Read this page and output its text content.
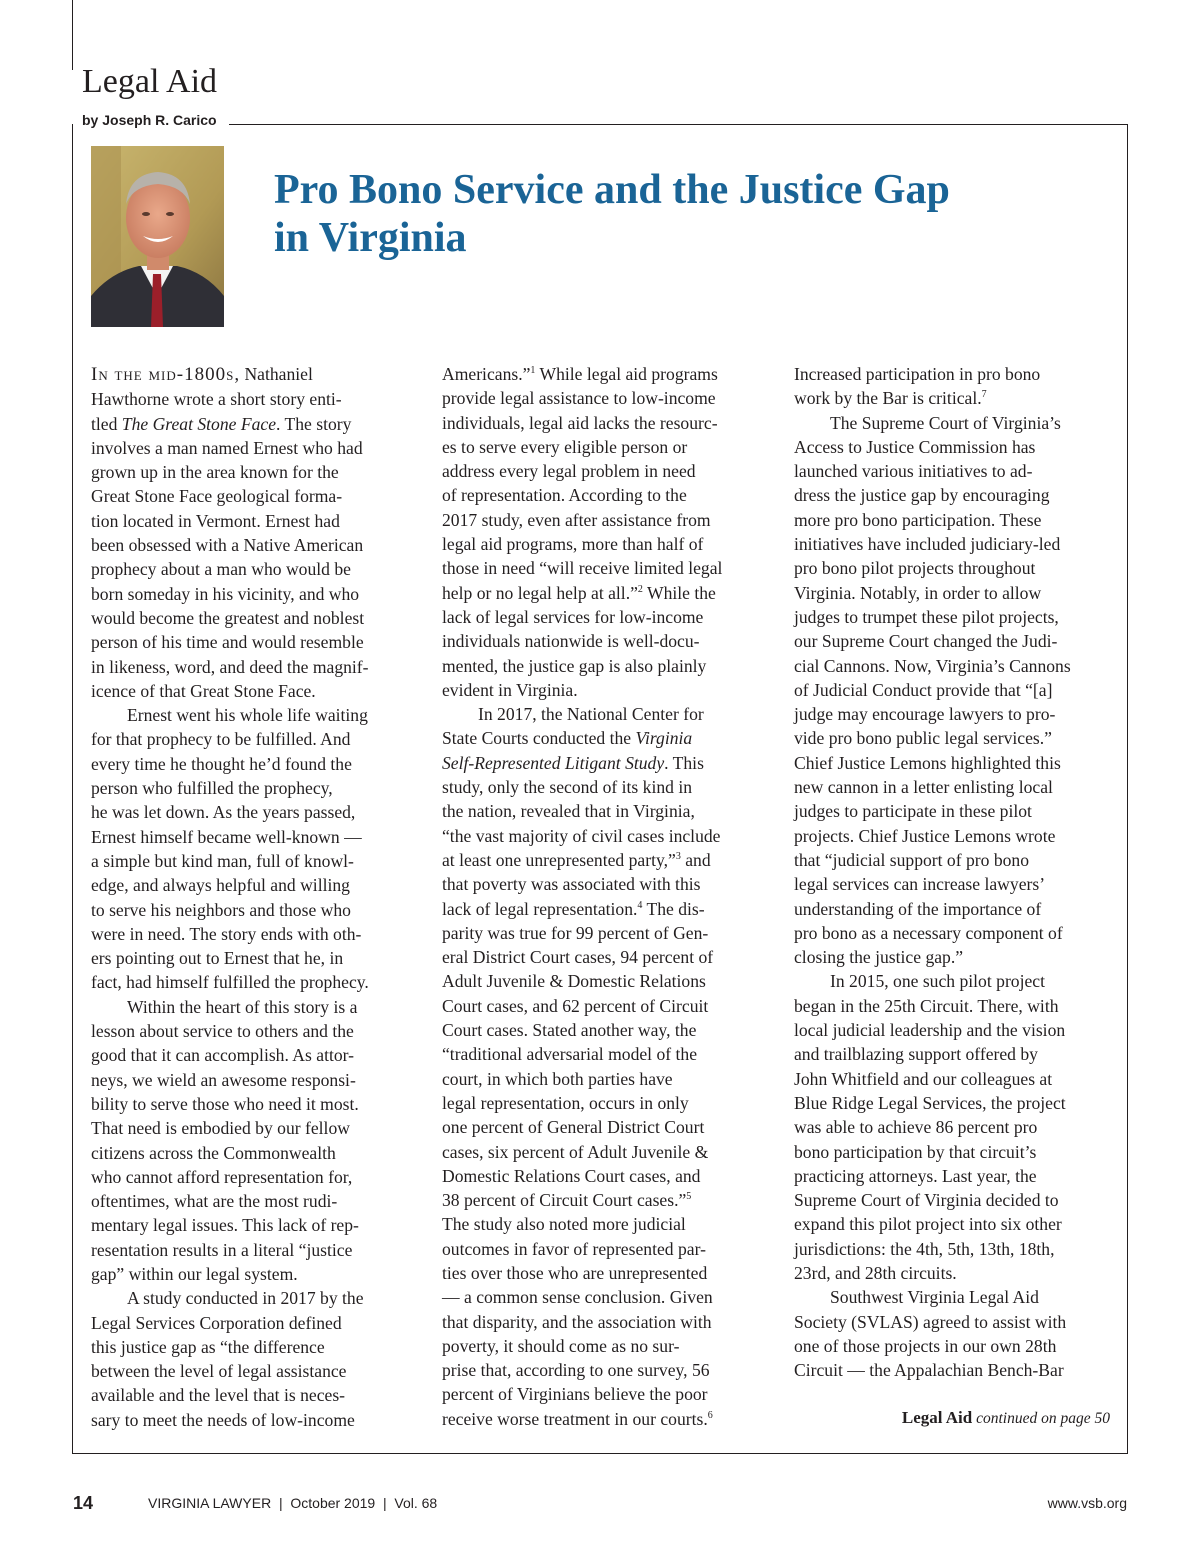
Legal Aid
by Joseph R. Carico
Pro Bono Service and the Justice Gap
in Virginia

In the mid-1800s, Nathaniel

Hawthorne wrote a short story enti-

tled The Great Stone Face. The story

involves a man named Ernest who had

grown up in the area known for the

Great Stone Face geological forma-

tion located in Vermont. Ernest had

been obsessed with a Native American

prophecy about a man who would be

born someday in his vicinity, and who

would become the greatest and noblest

person of his time and would resemble

in likeness, word, and deed the magnif-

icence of that Great Stone Face.

Ernest went his whole life waiting

for that prophecy to be fulfilled. And

every time he thought he’d found the

person who fulfilled the prophecy,

he was let down. As the years passed,

Ernest himself became well-known —

a simple but kind man, full of knowl-

edge, and always helpful and willing

to serve his neighbors and those who

were in need. The story ends with oth-

ers pointing out to Ernest that he, in

fact, had himself fulfilled the prophecy.

Within the heart of this story is a

lesson about service to others and the

good that it can accomplish. As attor-

neys, we wield an awesome responsi-

bility to serve those who need it most.

That need is embodied by our fellow

citizens across the Commonwealth

who cannot afford representation for,

oftentimes, what are the most rudi-

mentary legal issues. This lack of rep-

resentation results in a literal “justice

gap” within our legal system.

A study conducted in 2017 by the

Legal Services Corporation defined

this justice gap as “the difference

between the level of legal assistance

available and the level that is neces-

sary to meet the needs of low-income

Americans.”$^1$ While legal aid programs

provide legal assistance to low-income

individuals, legal aid lacks the resourc-

es to serve every eligible person or

address every legal problem in need

of representation. According to the

2017 study, even after assistance from

legal aid programs, more than half of

those in need “will receive limited legal

help or no legal help at all.”$^2$ While the

lack of legal services for low-income

individuals nationwide is well-docu-

mented, the justice gap is also plainly

evident in Virginia.

In 2017, the National Center for

State Courts conducted the Virginia

Self-Represented Litigant Study. This

study, only the second of its kind in

the nation, revealed that in Virginia,

“the vast majority of civil cases include

at least one unrepresented party,”$^3$ and

that poverty was associated with this

lack of legal representation.$^4$ The dis-

parity was true for 99 percent of Gen-

eral District Court cases, 94 percent of

Adult Juvenile & Domestic Relations

Court cases, and 62 percent of Circuit

Court cases. Stated another way, the

“traditional adversarial model of the

court, in which both parties have

legal representation, occurs in only

one percent of General District Court

cases, six percent of Adult Juvenile &

Domestic Relations Court cases, and

38 percent of Circuit Court cases.”$^5$

The study also noted more judicial

outcomes in favor of represented par-

ties over those who are unrepresented

— a common sense conclusion. Given

that disparity, and the association with

poverty, it should come as no sur-

prise that, according to one survey, 56

percent of Virginians believe the poor

receive worse treatment in our courts.$^6$

Increased participation in pro bono

work by the Bar is critical.$^7$

The Supreme Court of Virginia’s

Access to Justice Commission has

launched various initiatives to ad-

dress the justice gap by encouraging

more pro bono participation. These

initiatives have included judiciary-led

pro bono pilot projects throughout

Virginia. Notably, in order to allow

judges to trumpet these pilot projects,

our Supreme Court changed the Judi-

cial Cannons. Now, Virginia’s Cannons

of Judicial Conduct provide that “[a]

judge may encourage lawyers to pro-

vide pro bono public legal services.”

Chief Justice Lemons highlighted this

new cannon in a letter enlisting local

judges to participate in these pilot

projects. Chief Justice Lemons wrote

that “judicial support of pro bono

legal services can increase lawyers’

understanding of the importance of

pro bono as a necessary component of

closing the justice gap.”

In 2015, one such pilot project

began in the 25th Circuit. There, with

local judicial leadership and the vision

and trailblazing support offered by

John Whitfield and our colleagues at

Blue Ridge Legal Services, the project

was able to achieve 86 percent pro

bono participation by that circuit’s

practicing attorneys. Last year, the

Supreme Court of Virginia decided to

expand this pilot project into six other

jurisdictions: the 4th, 5th, 13th, 18th,

23rd, and 28th circuits.

Southwest Virginia Legal Aid

Society (SVLAS) agreed to assist with

one of those projects in our own 28th

Circuit — the Appalachian Bench-Bar

Legal Aid continued on page 50
14	VIRGINIA LAWYER  |  October 2019  |  Vol. 68	www.vsb.org
